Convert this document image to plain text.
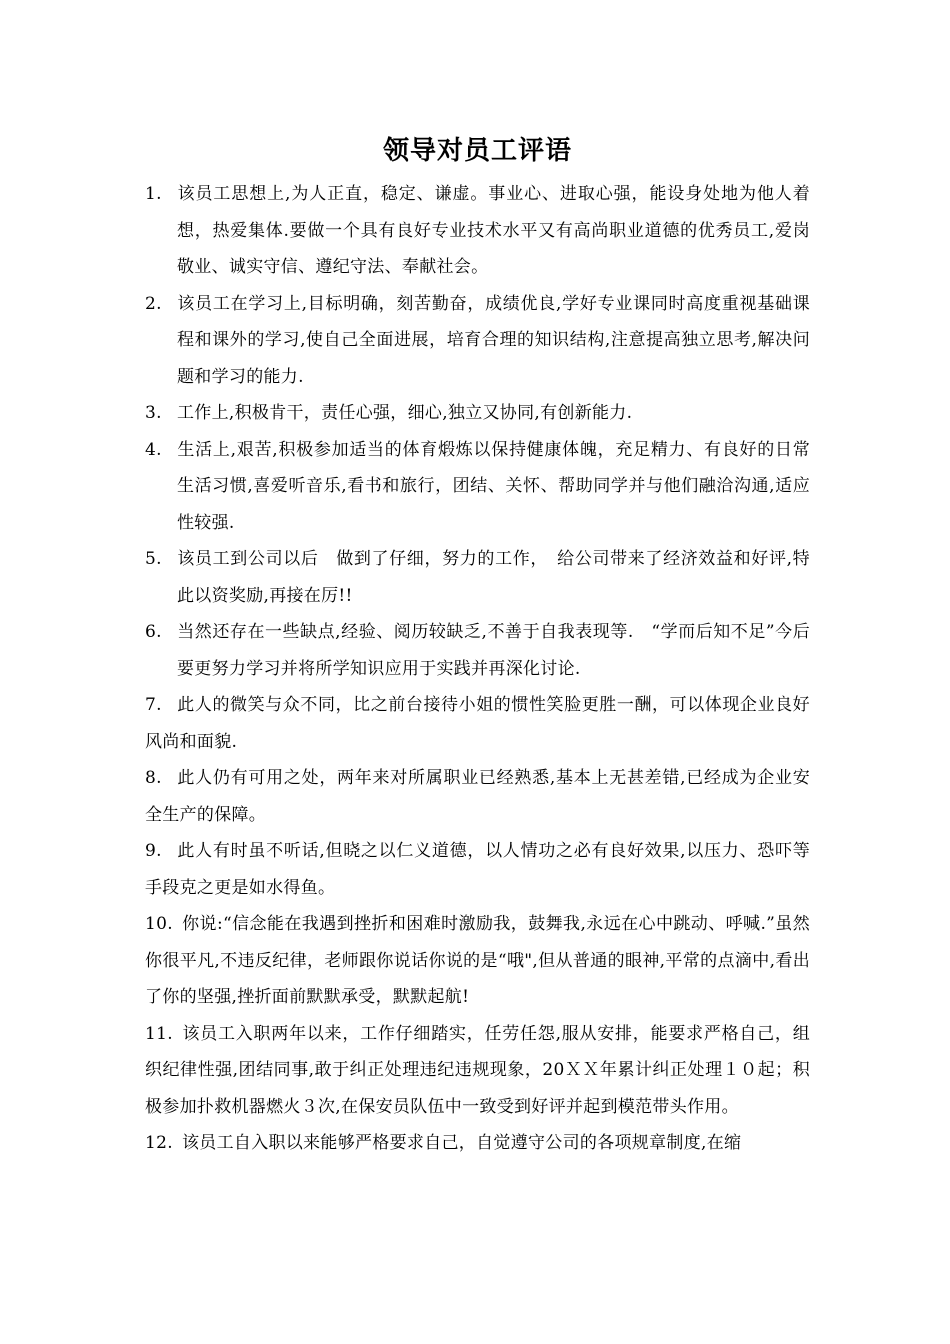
领导对员工评语

1. 该员工思想上,为人正直，稳定、谦虚。事业心、进取心强，能设身处地为他人着想，热爱集体.要做一个具有良好专业技术水平又有高尚职业道德的优秀员工,爱岗敬业、诚实守信、遵纪守法、奉献社会。

2. 该员工在学习上,目标明确，刻苦勤奋，成绩优良,学好专业课同时高度重视基础课程和课外的学习,使自己全面进展，培育合理的知识结构,注意提高独立思考,解决问题和学习的能力.

3. 工作上,积极肯干，责任心强，细心,独立又协同,有创新能力.

4. 生活上,艰苦,积极参加适当的体育煅炼以保持健康体魄，充足精力、有良好的日常生活习惯,喜爱听音乐,看书和旅行，团结、关怀、帮助同学并与他们融洽沟通,适应性较强.

5. 该员工到公司以后　做到了仔细，努力的工作，　给公司带来了经济效益和好评,特此以资奖励,再接在厉!!

6. 当然还存在一些缺点,经验、阅历较缺乏,不善于自我表现等.　“学而后知不足”今后要更努力学习并将所学知识应用于实践并再深化讨论.

7. 此人的微笑与众不同，比之前台接待小姐的惯性笑脸更胜一酬，可以体现企业良好风尚和面貌.

8. 此人仍有可用之处，两年来对所属职业已经熟悉,基本上无甚差错,已经成为企业安全生产的保障。

9. 此人有时虽不听话,但晓之以仁义道德，以人情功之必有良好效果,以压力、恐吓等手段克之更是如水得鱼。

10. 你说:“信念能在我遇到挫折和困难时激励我，鼓舞我,永远在心中跳动、呼喊.”虽然你很平凡,不违反纪律，老师跟你说话你说的是“哦",但从普通的眼神,平常的点滴中,看出了你的坚强,挫折面前默默承受，默默起航!

11. 该员工入职两年以来，工作仔细踏实，任劳任怨,服从安排，能要求严格自己，组织纪律性强,团结同事,敢于纠正处理违纪违规现象，20ＸＸ年累计纠正处理１０起；积极参加扑救机器燃火３次,在保安员队伍中一致受到好评并起到模范带头作用。

12. 该员工自入职以来能够严格要求自己，自觉遵守公司的各项规章制度,在缩
